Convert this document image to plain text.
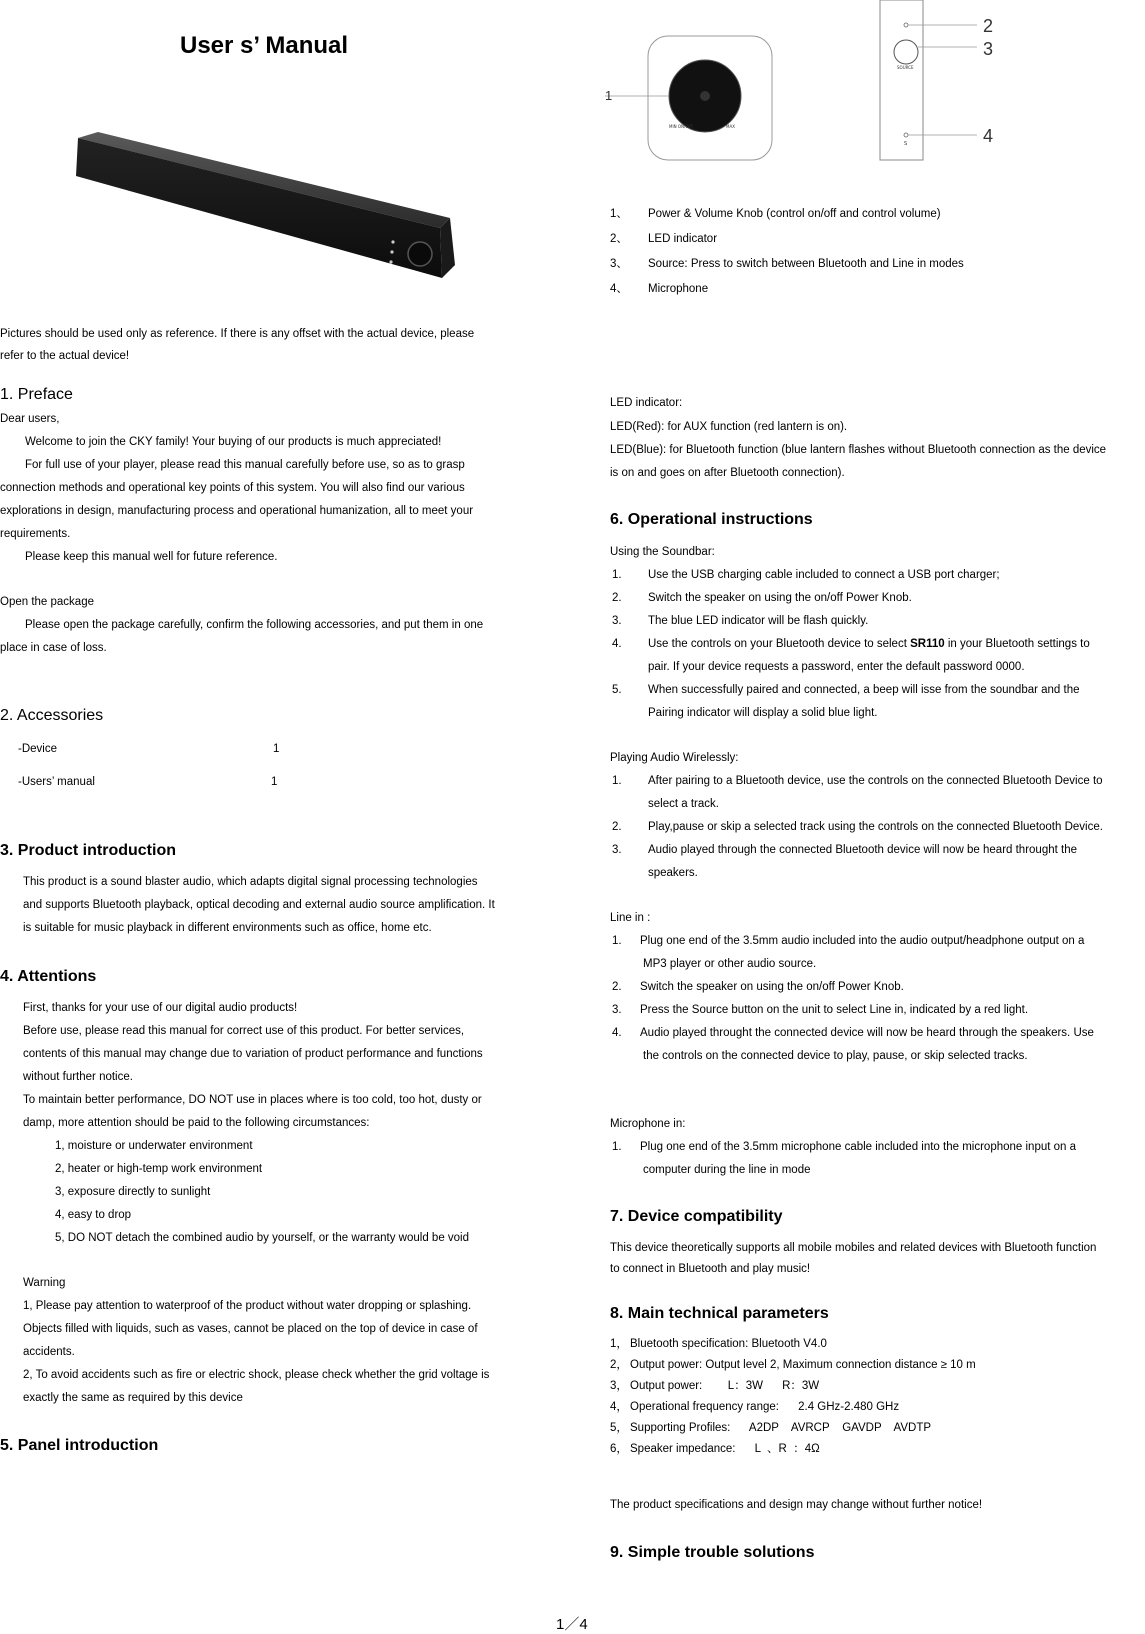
User s’ Manual
Pictures should be used only as reference. If there is any offset with the actual device, please
refer to the actual device!
1. Preface
Dear users,
Welcome to join the CKY family! Your buying of our products is much appreciated!
For full use of your player, please read this manual carefully before use, so as to grasp
connection methods and operational key points of this system. You will also find our various
explorations in design, manufacturing process and operational humanization, all to meet your
requirements.
Please keep this manual well for future reference.
Open the package
Please open the package carefully, confirm the following accessories, and put them in one
place in case of loss.
2. Accessories
-Device	1
-Users’ manual	1
3. Product introduction
This product is a sound blaster audio, which adapts digital signal processing technologies
and supports Bluetooth playback, optical decoding and external audio source amplification. It
is suitable for music playback in different environments such as office, home etc.
4. Attentions
First, thanks for your use of our digital audio products!
Before use, please read this manual for correct use of this product. For better services,
contents of this manual may change due to variation of product performance and functions
without further notice.
To maintain better performance, DO NOT use in places where is too cold, too hot, dusty or
damp, more attention should be paid to the following circumstances:
1, moisture or underwater environment
2, heater or high-temp work environment
3, exposure directly to sunlight
4, easy to drop
5, DO NOT detach the combined audio by yourself, or the warranty would be void
Warning
1, Please pay attention to waterproof of the product without water dropping or splashing.
Objects filled with liquids, such as vases, cannot be placed on the top of device in case of
accidents.
2, To avoid accidents such as fire or electric shock, please check whether the grid voltage is
exactly the same as required by this device
5. Panel introduction
MIN ON/OFF	MAX
1
SOURCE
S
2
3
4
1、 Power & Volume Knob (control on/off and control volume)
2、 LED indicator
3、 Source: Press to switch between Bluetooth and Line in modes
4、 Microphone
LED indicator:
LED(Red): for AUX function (red lantern is on).
LED(Blue): for Bluetooth function (blue lantern flashes without Bluetooth connection as the device
is on and goes on after Bluetooth connection).
6. Operational instructions
Using the Soundbar:
1. Use the USB charging cable included to connect a USB port charger;
2. Switch the speaker on using the on/off Power Knob.
3. The blue LED indicator will be flash quickly.
4. Use the controls on your Bluetooth device to select SR110 in your Bluetooth settings to
pair. If your device requests a password, enter the default password 0000.
5. When successfully paired and connected, a beep will isse from the soundbar and the
Pairing indicator will display a solid blue light.
Playing Audio Wirelessly:
1. After pairing to a Bluetooth device, use the controls on the connected Bluetooth Device to
select a track.
2. Play,pause or skip a selected track using the controls on the connected Bluetooth Device.
3. Audio played through the connected Bluetooth device will now be heard throught the
speakers.
Line in :
1. Plug one end of the 3.5mm audio included into the audio output/headphone output on a
MP3 player or other audio source.
2. Switch the speaker on using the on/off Power Knob.
3. Press the Source button on the unit to select Line in, indicated by a red light.
4. Audio played throught the connected device will now be heard through the speakers. Use
the controls on the connected device to play, pause, or skip selected tracks.
Microphone in:
1. Plug one end of the 3.5mm microphone cable included into the microphone input on a
computer during the line in mode
7. Device compatibility
This device theoretically supports all mobile mobiles and related devices with Bluetooth function
to connect in Bluetooth and play music!
8. Main technical parameters
1， Bluetooth specification: Bluetooth V4.0
2， Output power: Output level 2, Maximum connection distance ≥ 10 m
3， Output power:        L：3W      R：3W
4， Operational frequency range:      2.4 GHz-2.480 GHz
5， Supporting Profiles:      A2DP    AVRCP    GAVDP    AVDTP
6， Speaker impedance:      L  、R  ：4Ω
The product specifications and design may change without further notice!
9. Simple trouble solutions
1／4
